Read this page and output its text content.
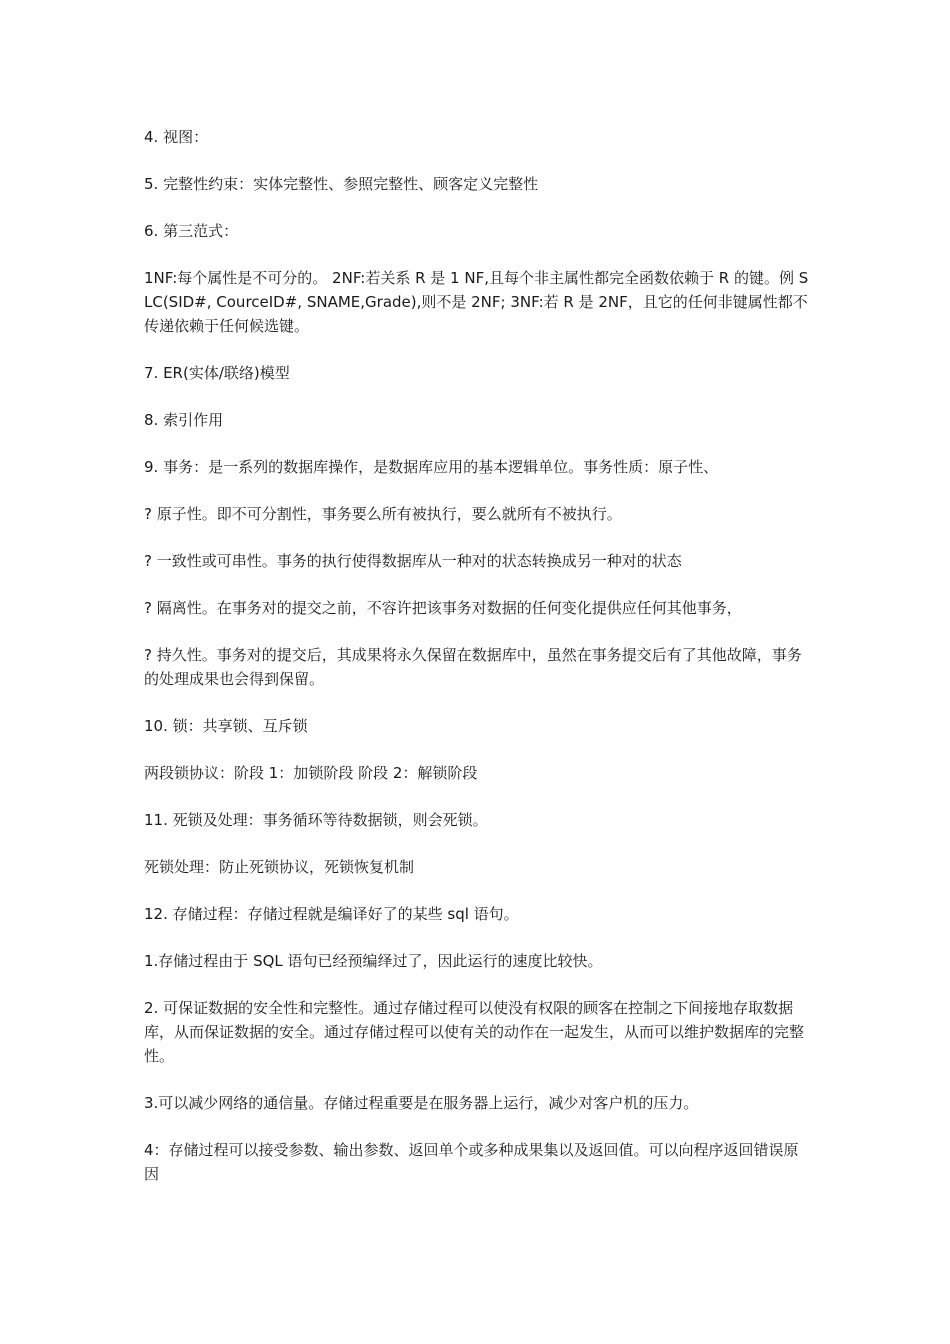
4. 视图：

5. 完整性约束：实体完整性、参照完整性、顾客定义完整性

6. 第三范式：

1NF:每个属性是不可分的。 2NF:若关系 R 是 1 NF,且每个非主属性都完全函数依赖于 R 的键。例 SLC(SID#, CourceID#, SNAME,Grade),则不是 2NF; 3NF:若 R 是 2NF，且它的任何非键属性都不传递依赖于任何候选键。

7. ER(实体/联络)模型

8. 索引作用

9. 事务：是一系列的数据库操作，是数据库应用的基本逻辑单位。事务性质：原子性、

? 原子性。即不可分割性，事务要么所有被执行，要么就所有不被执行。

? 一致性或可串性。事务的执行使得数据库从一种对的状态转换成另一种对的状态

? 隔离性。在事务对的提交之前，不容许把该事务对数据的任何变化提供应任何其他事务，

? 持久性。事务对的提交后，其成果将永久保留在数据库中，虽然在事务提交后有了其他故障，事务的处理成果也会得到保留。

10. 锁：共享锁、互斥锁

两段锁协议：阶段 1：加锁阶段 阶段 2：解锁阶段

11. 死锁及处理：事务循环等待数据锁，则会死锁。

死锁处理：防止死锁协议，死锁恢复机制

12. 存储过程：存储过程就是编译好了的某些 sql 语句。

1.存储过程由于 SQL 语句已经预编绎过了，因此运行的速度比较快。

2. 可保证数据的安全性和完整性。通过存储过程可以使没有权限的顾客在控制之下间接地存取数据库，从而保证数据的安全。通过存储过程可以使有关的动作在一起发生，从而可以维护数据库的完整性。

3.可以减少网络的通信量。存储过程重要是在服务器上运行，减少对客户机的压力。

4：存储过程可以接受参数、输出参数、返回单个或多种成果集以及返回值。可以向程序返回错误原因
